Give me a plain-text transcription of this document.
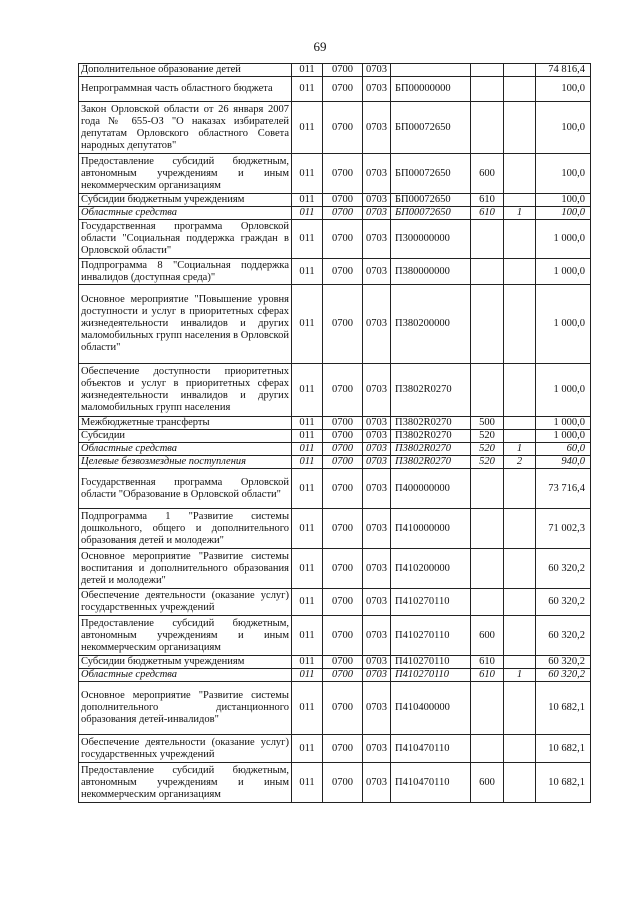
69
Дополнительное образование детей	011	0700	0703				74 816,4
Непрограммная часть областного бюджета	011	0700	0703	БП00000000			100,0
Закон Орловской области от 26 января 2007 года № 655-ОЗ "О наказах избирателей депутатам Орловского областного Совета народных депутатов"	011	0700	0703	БП00072650			100,0
Предоставление субсидий бюджетным, автономным учреждениям и иным некоммерческим организациям	011	0700	0703	БП00072650	600		100,0
Субсидии бюджетным учреждениям	011	0700	0703	БП00072650	610		100,0
Областные средства	011	0700	0703	БП00072650	610	1	100,0
Государственная программа Орловской области "Социальная поддержка граждан в Орловской области"	011	0700	0703	П300000000			1 000,0
Подпрограмма 8 "Социальная поддержка инвалидов (доступная среда)"	011	0700	0703	П380000000			1 000,0
Основное мероприятие "Повышение уровня доступности и услуг в приоритетных сферах жизнедеятельности инвалидов и других маломобильных групп населения в Орловской области"	011	0700	0703	П380200000			1 000,0
Обеспечение доступности приоритетных объектов и услуг в приоритетных сферах жизнедеятельности инвалидов и других маломобильных групп населения	011	0700	0703	П3802R0270			1 000,0
Межбюджетные трансферты	011	0700	0703	П3802R0270	500		1 000,0
Субсидии	011	0700	0703	П3802R0270	520		1 000,0
Областные средства	011	0700	0703	П3802R0270	520	1	60,0
Целевые безвозмездные поступления	011	0700	0703	П3802R0270	520	2	940,0
Государственная программа Орловской области "Образование в Орловской области"	011	0700	0703	П400000000			73 716,4
Подпрограмма 1 "Развитие системы дошкольного, общего и дополнительного образования детей и молодежи"	011	0700	0703	П410000000			71 002,3
Основное мероприятие "Развитие системы воспитания и дополнительного образования детей и молодежи"	011	0700	0703	П410200000			60 320,2
Обеспечение деятельности (оказание услуг) государственных учреждений	011	0700	0703	П410270110			60 320,2
Предоставление субсидий бюджетным, автономным учреждениям и иным некоммерческим организациям	011	0700	0703	П410270110	600		60 320,2
Субсидии бюджетным учреждениям	011	0700	0703	П410270110	610		60 320,2
Областные средства	011	0700	0703	П410270110	610	1	60 320,2
Основное мероприятие "Развитие системы дополнительного дистанционного образования детей-инвалидов"	011	0700	0703	П410400000			10 682,1
Обеспечение деятельности (оказание услуг) государственных учреждений	011	0700	0703	П410470110			10 682,1
Предоставление субсидий бюджетным, автономным учреждениям и иным некоммерческим организациям	011	0700	0703	П410470110	600		10 682,1
